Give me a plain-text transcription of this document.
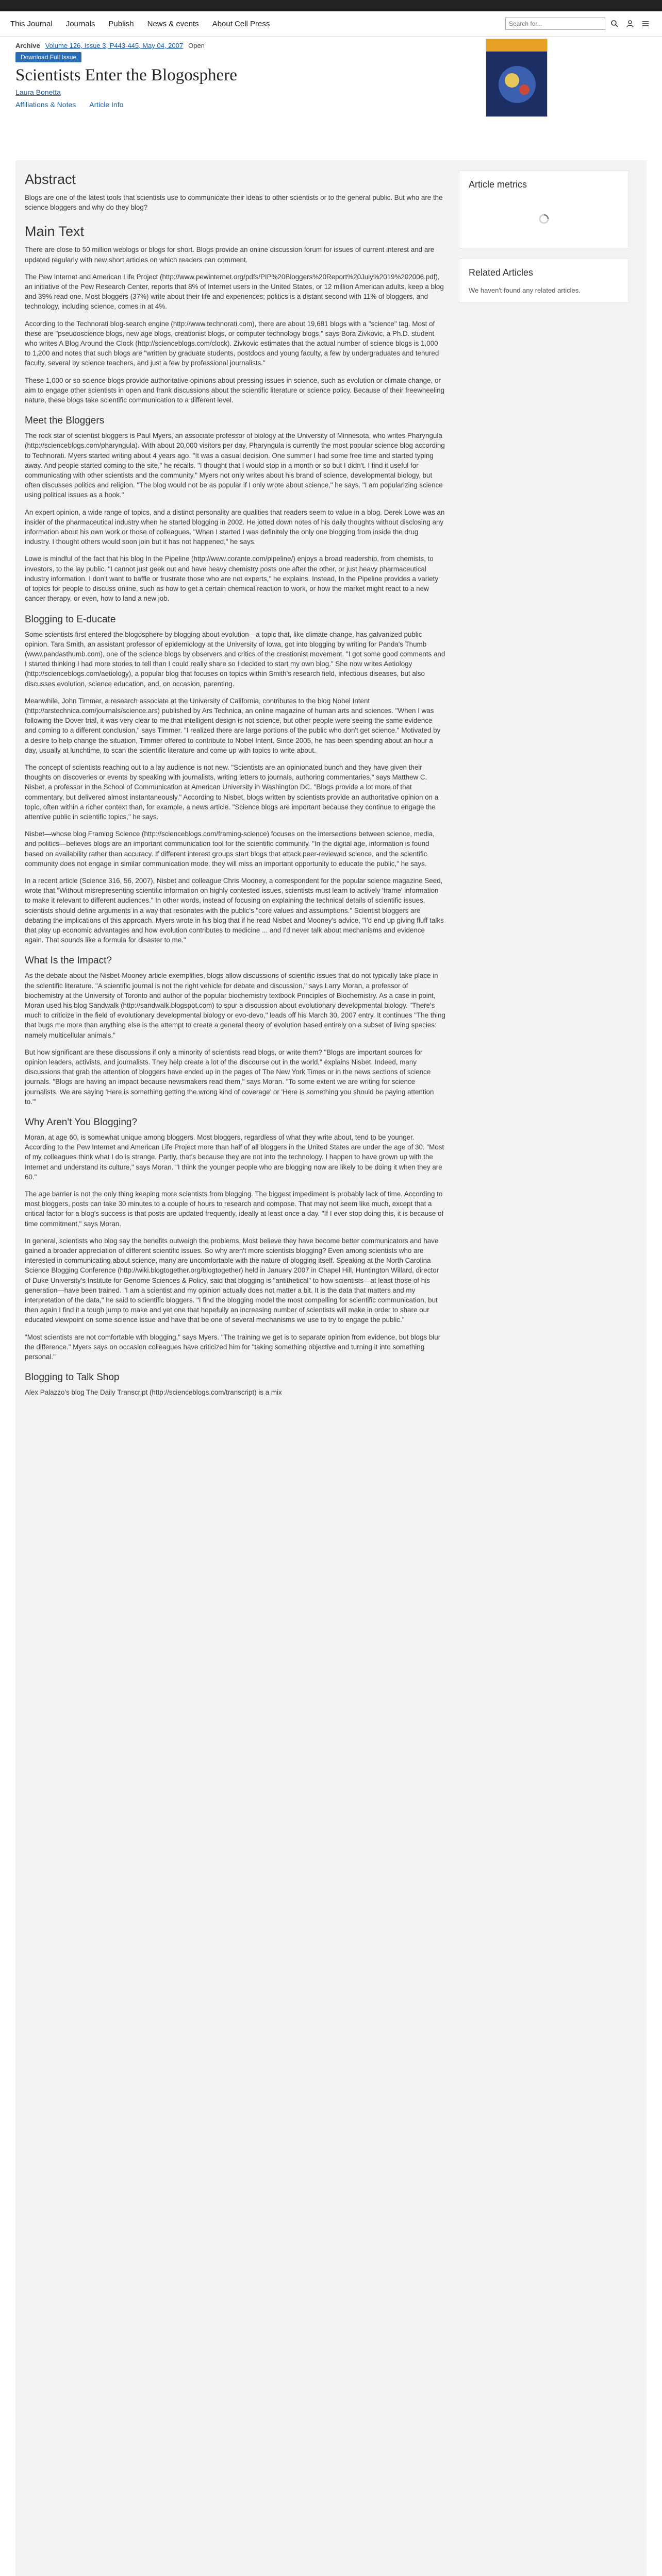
This Journal Journals Publish News & events About Cell Press
Search for...
Archive Volume 126, Issue 3, P443-445, May 04, 2007 Open
Download Full Issue
Scientists Enter the Blogosphere
Laura Bonetta
Affiliations & Notes Article Info
Abstract

Blogs are one of the latest tools that scientists use to communicate their ideas to other scientists or to the general public. But who are the science bloggers and why do they blog?

Main Text

There are close to 50 million weblogs or blogs for short. Blogs provide an online discussion forum for issues of current interest and are updated regularly with new short articles on which readers can comment.

The Pew Internet and American Life Project (http://www.pewinternet.org/pdfs/PIP%20Bloggers%20Report%20July%2019%202006.pdf), an initiative of the Pew Research Center, reports that 8% of Internet users in the United States, or 12 million American adults, keep a blog and 39% read one. Most bloggers (37%) write about their life and experiences; politics is a distant second with 11% of bloggers, and technology, including science, comes in at 4%.

According to the Technorati blog-search engine (http://www.technorati.com), there are about 19,681 blogs with a "science" tag. Most of these are "pseudoscience blogs, new age blogs, creationist blogs, or computer technology blogs," says Bora Zivkovic, a Ph.D. student who writes A Blog Around the Clock (http://scienceblogs.com/clock). Zivkovic estimates that the actual number of science blogs is 1,000 to 1,200 and notes that such blogs are "written by graduate students, postdocs and young faculty, a few by undergraduates and tenured faculty, several by science teachers, and just a few by professional journalists."

These 1,000 or so science blogs provide authoritative opinions about pressing issues in science, such as evolution or climate change, or aim to engage other scientists in open and frank discussions about the scientific literature or science policy. Because of their freewheeling nature, these blogs take scientific communication to a different level.

Meet the Bloggers

The rock star of scientist bloggers is Paul Myers, an associate professor of biology at the University of Minnesota, who writes Pharyngula (http://scienceblogs.com/pharyngula). With about 20,000 visitors per day, Pharyngula is currently the most popular science blog according to Technorati. Myers started writing about 4 years ago. "It was a casual decision. One summer I had some free time and started typing away. And people started coming to the site," he recalls. "I thought that I would stop in a month or so but I didn't. I find it useful for communicating with other scientists and the community." Myers not only writes about his brand of science, developmental biology, but often discusses politics and religion. "The blog would not be as popular if I only wrote about science," he says. "I am popularizing science using political issues as a hook."

An expert opinion, a wide range of topics, and a distinct personality are qualities that readers seem to value in a blog. Derek Lowe was an insider of the pharmaceutical industry when he started blogging in 2002. He jotted down notes of his daily thoughts without disclosing any information about his own work or those of colleagues. "When I started I was definitely the only one blogging from inside the drug industry. I thought others would soon join but it has not happened," he says.

Lowe is mindful of the fact that his blog In the Pipeline (http://www.corante.com/pipeline/) enjoys a broad readership, from chemists, to investors, to the lay public. "I cannot just geek out and have heavy chemistry posts one after the other, or just heavy pharmaceutical industry information. I don't want to baffle or frustrate those who are not experts," he explains. Instead, In the Pipeline provides a variety of topics for people to discuss online, such as how to get a certain chemical reaction to work, or how the market might react to a new cancer therapy, or even, how to land a new job.

Blogging to E-ducate

Some scientists first entered the blogosphere by blogging about evolution—a topic that, like climate change, has galvanized public opinion. Tara Smith, an assistant professor of epidemiology at the University of Iowa, got into blogging by writing for Panda's Thumb (www.pandasthumb.com), one of the science blogs by observers and critics of the creationist movement. "I got some good comments and I started thinking I had more stories to tell than I could really share so I decided to start my own blog." She now writes Aetiology (http://scienceblogs.com/aetiology), a popular blog that focuses on topics within Smith's research field, infectious diseases, but also discusses evolution, science education, and, on occasion, parenting.

Meanwhile, John Timmer, a research associate at the University of California, contributes to the blog Nobel Intent (http://arstechnica.com/journals/science.ars) published by Ars Technica, an online magazine of human arts and sciences. "When I was following the Dover trial, it was very clear to me that intelligent design is not science, but other people were seeing the same evidence and coming to a different conclusion," says Timmer. "I realized there are large portions of the public who don't get science." Motivated by a desire to help change the situation, Timmer offered to contribute to Nobel Intent. Since 2005, he has been spending about an hour a day, usually at lunchtime, to scan the scientific literature and come up with topics to write about.

The concept of scientists reaching out to a lay audience is not new. "Scientists are an opinionated bunch and they have given their thoughts on discoveries or events by speaking with journalists, writing letters to journals, authoring commentaries," says Matthew C. Nisbet, a professor in the School of Communication at American University in Washington DC. "Blogs provide a lot more of that commentary, but delivered almost instantaneously." According to Nisbet, blogs written by scientists provide an authoritative opinion on a topic, often within a richer context than, for example, a news article. "Science blogs are important because they continue to engage the attentive public in scientific topics," he says.

Nisbet—whose blog Framing Science (http://scienceblogs.com/framing-science) focuses on the intersections between science, media, and politics—believes blogs are an important communication tool for the scientific community. "In the digital age, information is found based on availability rather than accuracy. If different interest groups start blogs that attack peer-reviewed science, and the scientific community does not engage in similar communication mode, they will miss an important opportunity to educate the public," he says.

In a recent article (Science 316, 56, 2007), Nisbet and colleague Chris Mooney, a correspondent for the popular science magazine Seed, wrote that "Without misrepresenting scientific information on highly contested issues, scientists must learn to actively 'frame' information to make it relevant to different audiences." In other words, instead of focusing on explaining the technical details of scientific issues, scientists should define arguments in a way that resonates with the public's "core values and assumptions." Scientist bloggers are debating the implications of this approach. Myers wrote in his blog that if he read Nisbet and Mooney's advice, "I'd end up giving fluff talks that play up economic advantages and how evolution contributes to medicine ... and I'd never talk about mechanisms and evidence again. That sounds like a formula for disaster to me."

What Is the Impact?

As the debate about the Nisbet-Mooney article exemplifies, blogs allow discussions of scientific issues that do not typically take place in the scientific literature. "A scientific journal is not the right vehicle for debate and discussion," says Larry Moran, a professor of biochemistry at the University of Toronto and author of the popular biochemistry textbook Principles of Biochemistry. As a case in point, Moran used his blog Sandwalk (http://sandwalk.blogspot.com) to spur a discussion about evolutionary developmental biology. "There's much to criticize in the field of evolutionary developmental biology or evo-devo," leads off his March 30, 2007 entry. It continues "The thing that bugs me more than anything else is the attempt to create a general theory of evolution based entirely on a subset of living species: namely multicellular animals."

But how significant are these discussions if only a minority of scientists read blogs, or write them? "Blogs are important sources for opinion leaders, activists, and journalists. They help create a lot of the discourse out in the world," explains Nisbet. Indeed, many discussions that grab the attention of bloggers have ended up in the pages of The New York Times or in the news sections of science journals. "Blogs are having an impact because newsmakers read them," says Moran. "To some extent we are writing for science journalists. We are saying 'Here is something getting the wrong kind of coverage' or 'Here is something you should be paying attention to.'"

Why Aren't You Blogging?

Moran, at age 60, is somewhat unique among bloggers. Most bloggers, regardless of what they write about, tend to be younger. According to the Pew Internet and American Life Project more than half of all bloggers in the United States are under the age of 30. "Most of my colleagues think what I do is strange. Partly, that's because they are not into the technology. I happen to have grown up with the Internet and understand its culture," says Moran. "I think the younger people who are blogging now are likely to be doing it when they are 60."

The age barrier is not the only thing keeping more scientists from blogging. The biggest impediment is probably lack of time. According to most bloggers, posts can take 30 minutes to a couple of hours to research and compose. That may not seem like much, except that a critical factor for a blog's success is that posts are updated frequently, ideally at least once a day. "If I ever stop doing this, it is because of time commitment," says Moran.

In general, scientists who blog say the benefits outweigh the problems. Most believe they have become better communicators and have gained a broader appreciation of different scientific issues. So why aren't more scientists blogging? Even among scientists who are interested in communicating about science, many are uncomfortable with the nature of blogging itself. Speaking at the North Carolina Science Blogging Conference (http://wiki.blogtogether.org/blogtogether) held in January 2007 in Chapel Hill, Huntington Willard, director of Duke University's Institute for Genome Sciences & Policy, said that blogging is "antithetical" to how scientists—at least those of his generation—have been trained. "I am a scientist and my opinion actually does not matter a bit. It is the data that matters and my interpretation of the data," he said to scientific bloggers. "I find the blogging model the most compelling for scientific communication, but then again I find it a tough jump to make and yet one that hopefully an increasing number of scientists will make in order to share our educated viewpoint on some science issue and have that be one of several mechanisms we use to try to engage the public."

"Most scientists are not comfortable with blogging," says Myers. "The training we get is to separate opinion from evidence, but blogs blur the difference." Myers says on occasion colleagues have criticized him for "taking something objective and turning it into something personal."

Blogging to Talk Shop

Alex Palazzo's blog The Daily Transcript (http://scienceblogs.com/transcript) is a mix

Article metrics
Related Articles

We haven't found any related articles.
